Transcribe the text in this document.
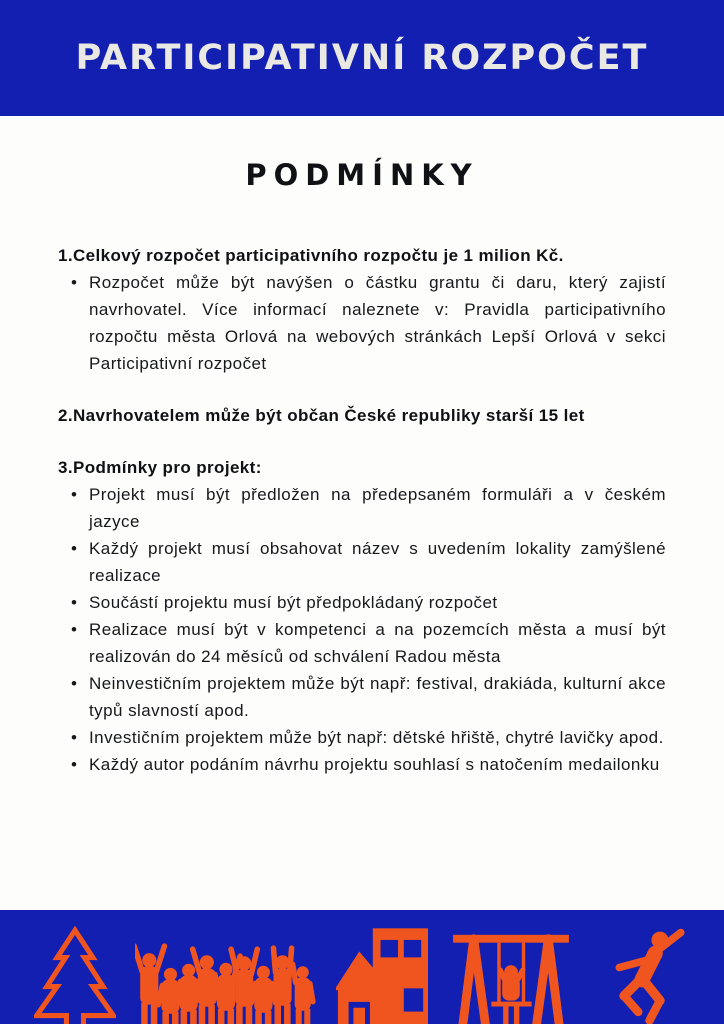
PARTICIPATIVNÍ ROZPOČET
PODMÍNKY
1.Celkový rozpočet participativního rozpočtu je 1 milion Kč.
• Rozpočet může být navýšen o částku grantu či daru, který zajistí navrhovatel. Více informací naleznete v: Pravidla participativního rozpočtu města Orlová na webových stránkách Lepší Orlová v sekci Participativní rozpočet
2.Navrhovatelem může být občan České republiky starší 15 let
3.Podmínky pro projekt:
• Projekt musí být předložen na předepsaném formuláři a v českém jazyce
• Každý projekt musí obsahovat název s uvedením lokality zamýšlené realizace
• Součástí projektu musí být předpokládaný rozpočet
• Realizace musí být v kompetenci a na pozemcích města a musí být realizován do 24 měsíců od schválení Radou města
• Neinvestičním projektem může být např: festival, drakiáda, kulturní akce typů slavností apod.
• Investičním projektem může být např: dětské hřiště, chytré lavičky apod.
• Každý autor podáním návrhu projektu souhlasí s natočením medailonku
